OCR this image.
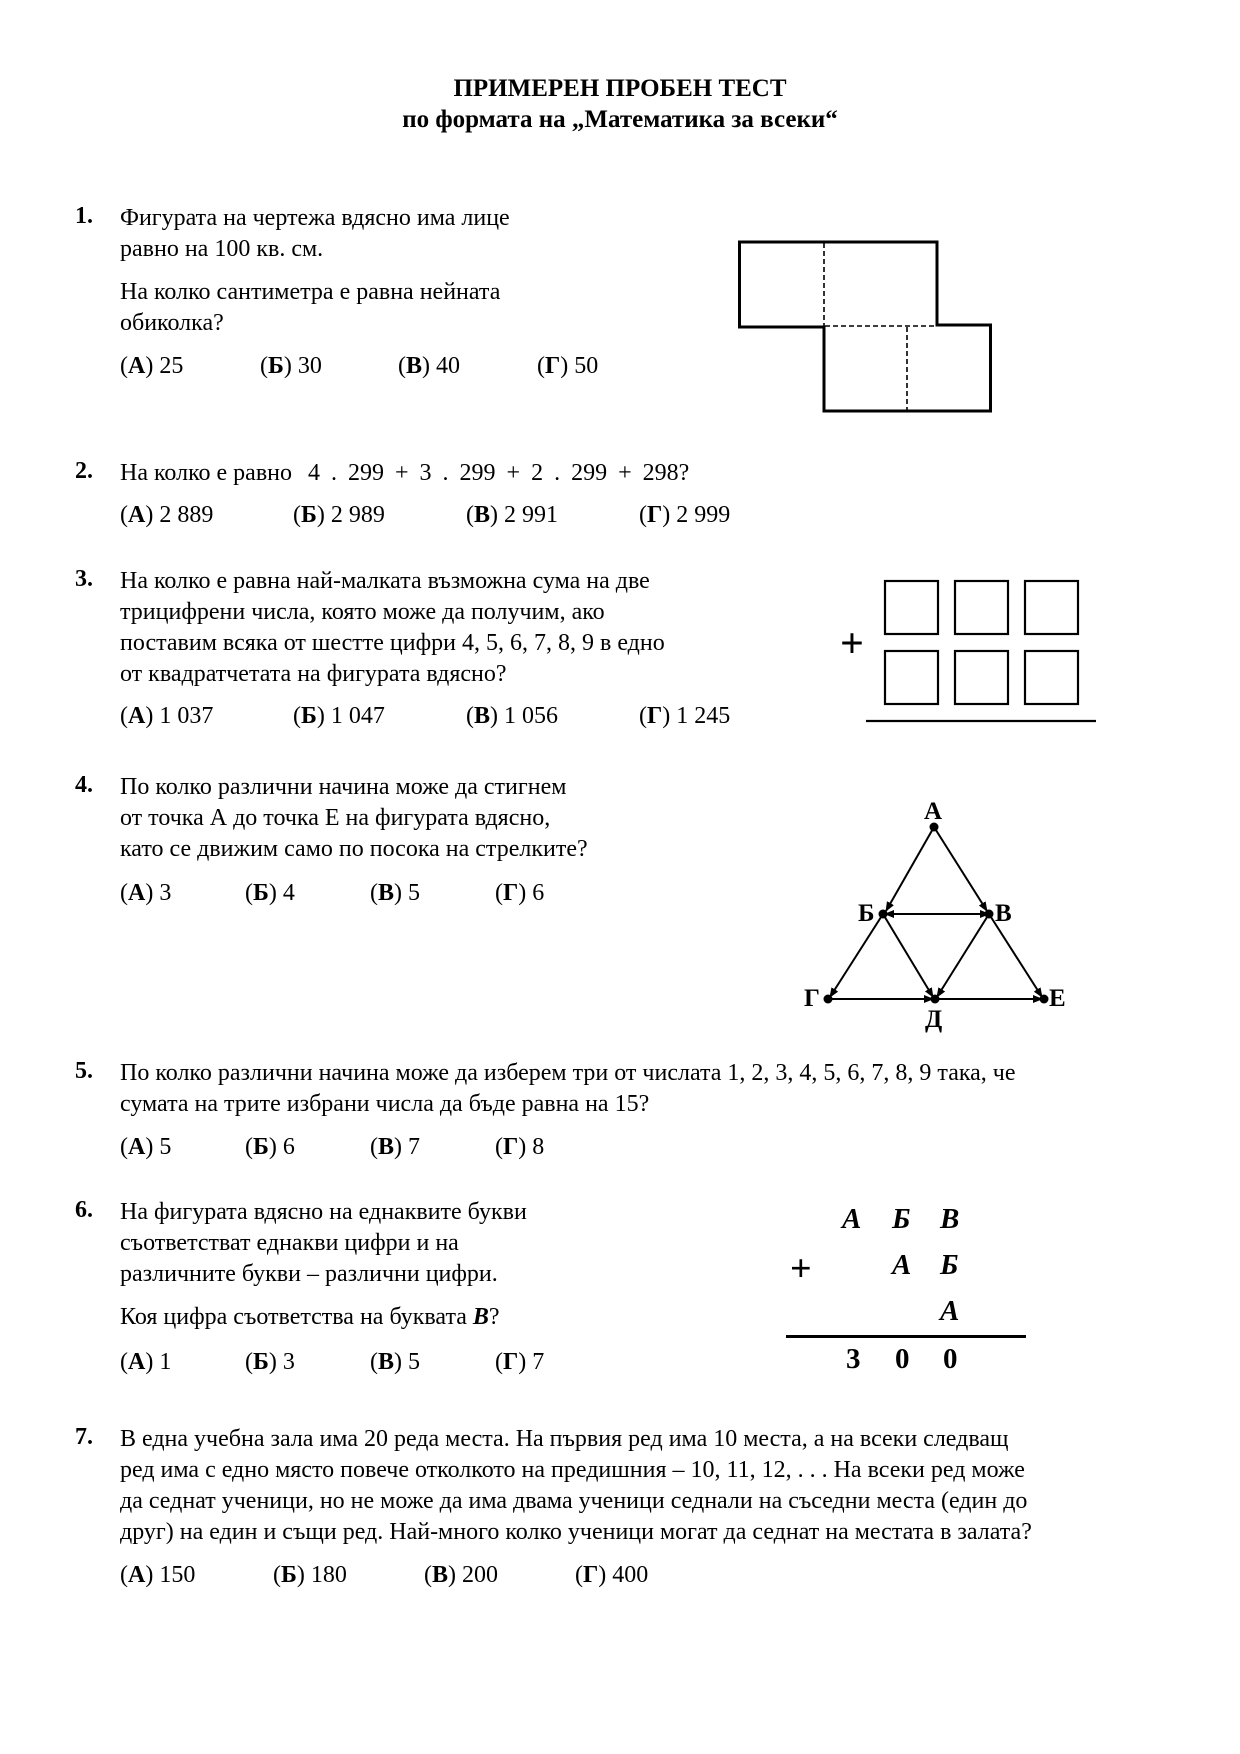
ПРИМЕРЕН ПРОБЕН ТЕСТ
по формата на „Математика за всеки“
1. Фигурата на чертежа вдясно има лице
равно на 100 кв. см.
На колко сантиметра е равна нейната
обиколка?
(А) 25	(Б) 30	(В) 40	(Г) 50
2. На колко е равно 4 . 299 + 3 . 299 + 2 . 299 + 298?
(А) 2 889	(Б) 2 989	(В) 2 991	(Г) 2 999
3. На колко е равна най-малката възможна сума на две
трицифрени числа, която може да получим, ако
поставим всяка от шестте цифри 4, 5, 6, 7, 8, 9 в едно
от квадратчетата на фигурата вдясно?
(А) 1 037	(Б) 1 047	(В) 1 056	(Г) 1 245
+
4. По колко различни начина може да стигнем
от точка А до точка Е на фигурата вдясно,
като се движим само по посока на стрелките?
(А) 3	(Б) 4	(В) 5	(Г) 6
А
Б	В
Г
Д
Е
5. По колко различни начина може да изберем три от числата 1, 2, 3, 4, 5, 6, 7, 8, 9 така, че
сумата на трите избрани числа да бъде равна на 15?
(А) 5	(Б) 6	(В) 7	(Г) 8
6. На фигурата вдясно на еднаквите букви
съответстват еднакви цифри и на
различните букви – различни цифри.
Коя цифра съответства на буквата В?
(А) 1	(Б) 3	(В) 5	(Г) 7
А Б В
+	А Б
А
3 0 0
7. В една учебна зала има 20 реда места. На първия ред има 10 места, а на всеки следващ
ред има с едно място повече отколкото на предишния – 10, 11, 12, . . . На всеки ред може
да седнат ученици, но не може да има двама ученици седнали на съседни места (един до
друг) на един и същи ред. Най-много колко ученици могат да седнат на местата в залата?
(А) 150	(Б) 180	(В) 200	(Г) 400
